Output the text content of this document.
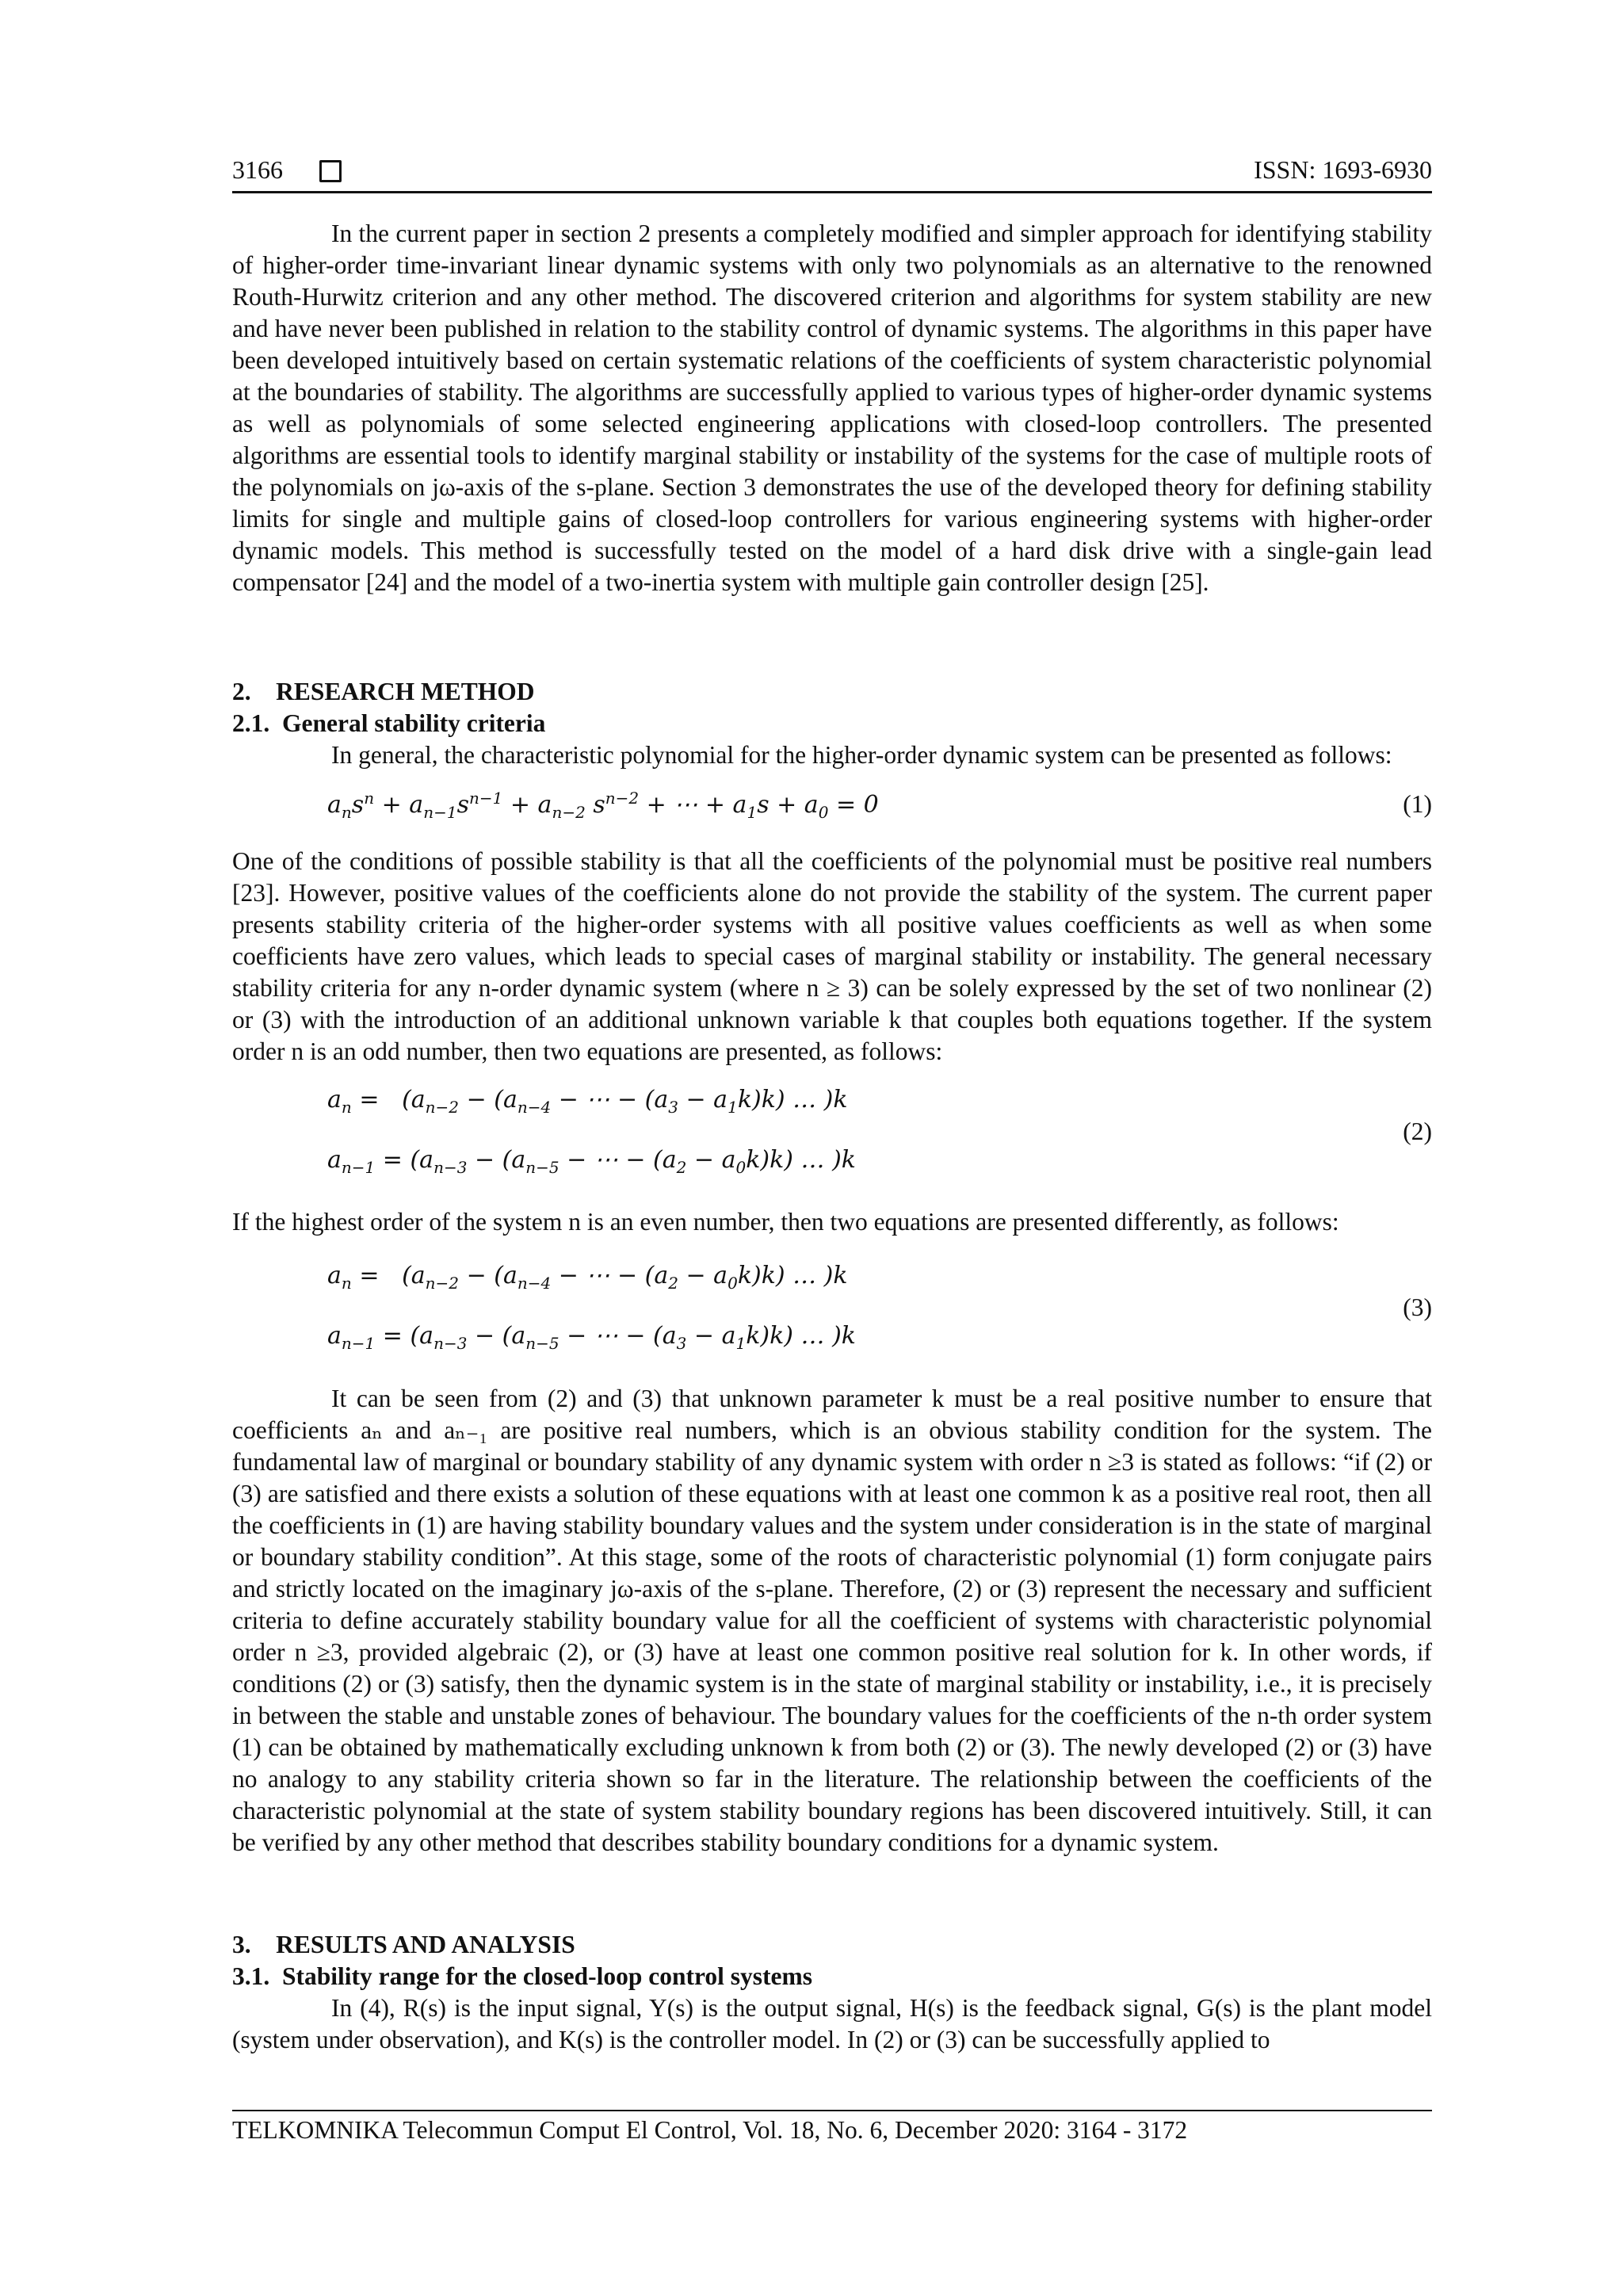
3166	ISSN: 1693-6930

In the current paper in section 2 presents a completely modified and simpler approach for identifying stability of higher-order time-invariant linear dynamic systems with only two polynomials as an alternative to the renowned Routh-Hurwitz criterion and any other method. The discovered criterion and algorithms for system stability are new and have never been published in relation to the stability control of dynamic systems. The algorithms in this paper have been developed intuitively based on certain systematic relations of the coefficients of system characteristic polynomial at the boundaries of stability. The algorithms are successfully applied to various types of higher-order dynamic systems as well as polynomials of some selected engineering applications with closed-loop controllers. The presented algorithms are essential tools to identify marginal stability or instability of the systems for the case of multiple roots of the polynomials on jω-axis of the s-plane. Section 3 demonstrates the use of the developed theory for defining stability limits for single and multiple gains of closed-loop controllers for various engineering systems with higher-order dynamic models. This method is successfully tested on the model of a hard disk drive with a single-gain lead compensator [24] and the model of a two-inertia system with multiple gain controller design [25].

2.    RESEARCH METHOD
2.1.  General stability criteria

In general, the characteristic polynomial for the higher-order dynamic system can be presented as follows:

$a_ns^n + a_{n-1}s^{n-1} + a_{n-2}$ $s^{n-2}$ + ⋯ + $a_1s + a_0 = 0$	(1)

One of the conditions of possible stability is that all the coefficients of the polynomial must be positive real numbers [23]. However, positive values of the coefficients alone do not provide the stability of the system. The current paper presents stability criteria of the higher-order systems with all positive values coefficients as well as when some coefficients have zero values, which leads to special cases of marginal stability or instability. The general necessary stability criteria for any n-order dynamic system (where n ≥ 3) can be solely expressed by the set of two nonlinear (2) or (3) with the introduction of an additional unknown variable k that couples both equations together. If the system order n is an odd number, then two equations are presented, as follows:

$a_n = (a_{n-2} - (a_{n-4}$ − ⋯ − $(a_3 - a_1k)k$) … )k
$a_{n-1} = (a_{n-3} - (a_{n-5}$ − ⋯ − $(a_2 - a_0k)k$) … )k
(2)

If the highest order of the system n is an even number, then two equations are presented differently, as follows:

$a_n = (a_{n-2} - (a_{n-4}$ − ⋯ − $(a_2 - a_0k)k$) … )k
$a_{n-1} = (a_{n-3} - (a_{n-5}$ − ⋯ − $(a_3 - a_1k)k$) … )k
(3)

It can be seen from (2) and (3) that unknown parameter k must be a real positive number to ensure that coefficients aₙ and aₙ₋₁ are positive real numbers, which is an obvious stability condition for the system. The fundamental law of marginal or boundary stability of any dynamic system with order n ≥3 is stated as follows: “if (2) or (3) are satisfied and there exists a solution of these equations with at least one common k as a positive real root, then all the coefficients in (1) are having stability boundary values and the system under consideration is in the state of marginal or boundary stability condition”. At this stage, some of the roots of characteristic polynomial (1) form conjugate pairs and strictly located on the imaginary jω-axis of the s-plane. Therefore, (2) or (3) represent the necessary and sufficient criteria to define accurately stability boundary value for all the coefficient of systems with characteristic polynomial order n ≥3, provided algebraic (2), or (3) have at least one common positive real solution for k. In other words, if conditions (2) or (3) satisfy, then the dynamic system is in the state of marginal stability or instability, i.e., it is precisely in between the stable and unstable zones of behaviour. The boundary values for the coefficients of the n-th order system (1) can be obtained by mathematically excluding unknown k from both (2) or (3). The newly developed (2) or (3) have no analogy to any stability criteria shown so far in the literature. The relationship between the coefficients of the characteristic polynomial at the state of system stability boundary regions has been discovered intuitively. Still, it can be verified by any other method that describes stability boundary conditions for a dynamic system.

3.    RESULTS AND ANALYSIS
3.1.  Stability range for the closed-loop control systems

In (4), R(s) is the input signal, Y(s) is the output signal, H(s) is the feedback signal, G(s) is the plant model (system under observation), and K(s) is the controller model. In (2) or (3) can be successfully applied to

TELKOMNIKA Telecommun Comput El Control, Vol. 18, No. 6, December 2020: 3164 - 3172
